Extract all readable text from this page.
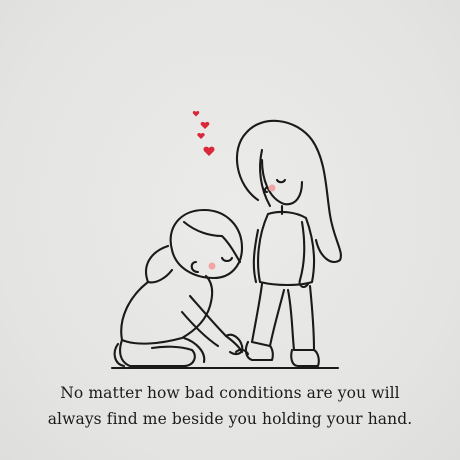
No matter how bad conditions are you will
always find me beside you holding your hand.
